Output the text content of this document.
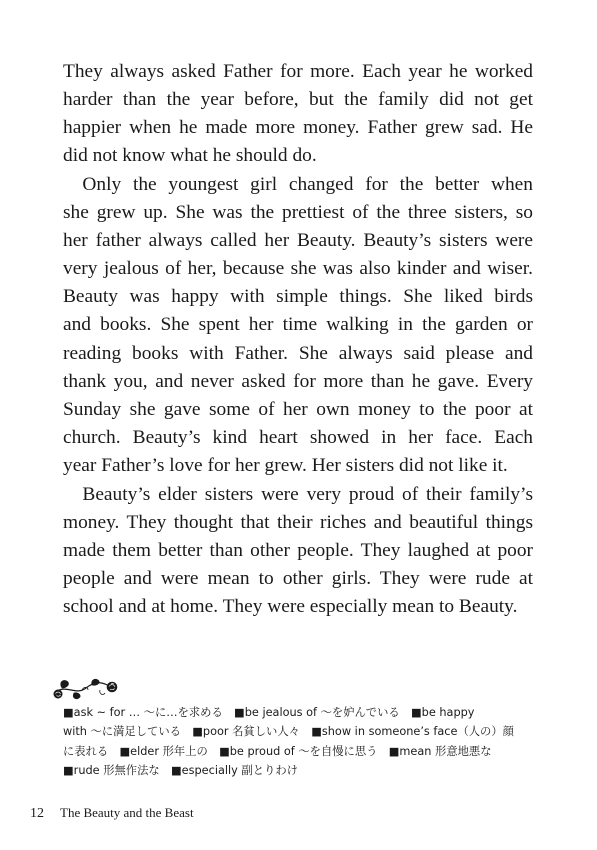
They always asked Father for more. Each year he worked
harder than the year before, but the family did not get
happier when he made more money. Father grew sad. He
did not know what he should do.
 Only the youngest girl changed for the better when
she grew up. She was the prettiest of the three sisters, so
her father always called her Beauty. Beauty’s sisters were
very jealous of her, because she was also kinder and wiser.
Beauty was happy with simple things. She liked birds
and books. She spent her time walking in the garden or
reading books with Father. She always said please and
thank you, and never asked for more than he gave. Every
Sunday she gave some of her own money to the poor at
church. Beauty’s kind heart showed in her face. Each
year Father’s love for her grew. Her sisters did not like it.
 Beauty’s elder sisters were very proud of their family’s
money. They thought that their riches and beautiful things
made them better than other people. They laughed at poor
people and were mean to other girls. They were rude at
school and at home. They were especially mean to Beauty.
■ask ~ for … ～に…を求める　■be jealous of ～を妒んでいる　■be happy
with ～に満足している　■poor 名貧しい人々　■show in someone’s face（人の）顔
に表れる　■elder 形年上の　■be proud of ～を自慢に思う　■mean 形意地悪な
■rude 形無作法な　■especially 副とりわけ
12 The Beauty and the Beast
